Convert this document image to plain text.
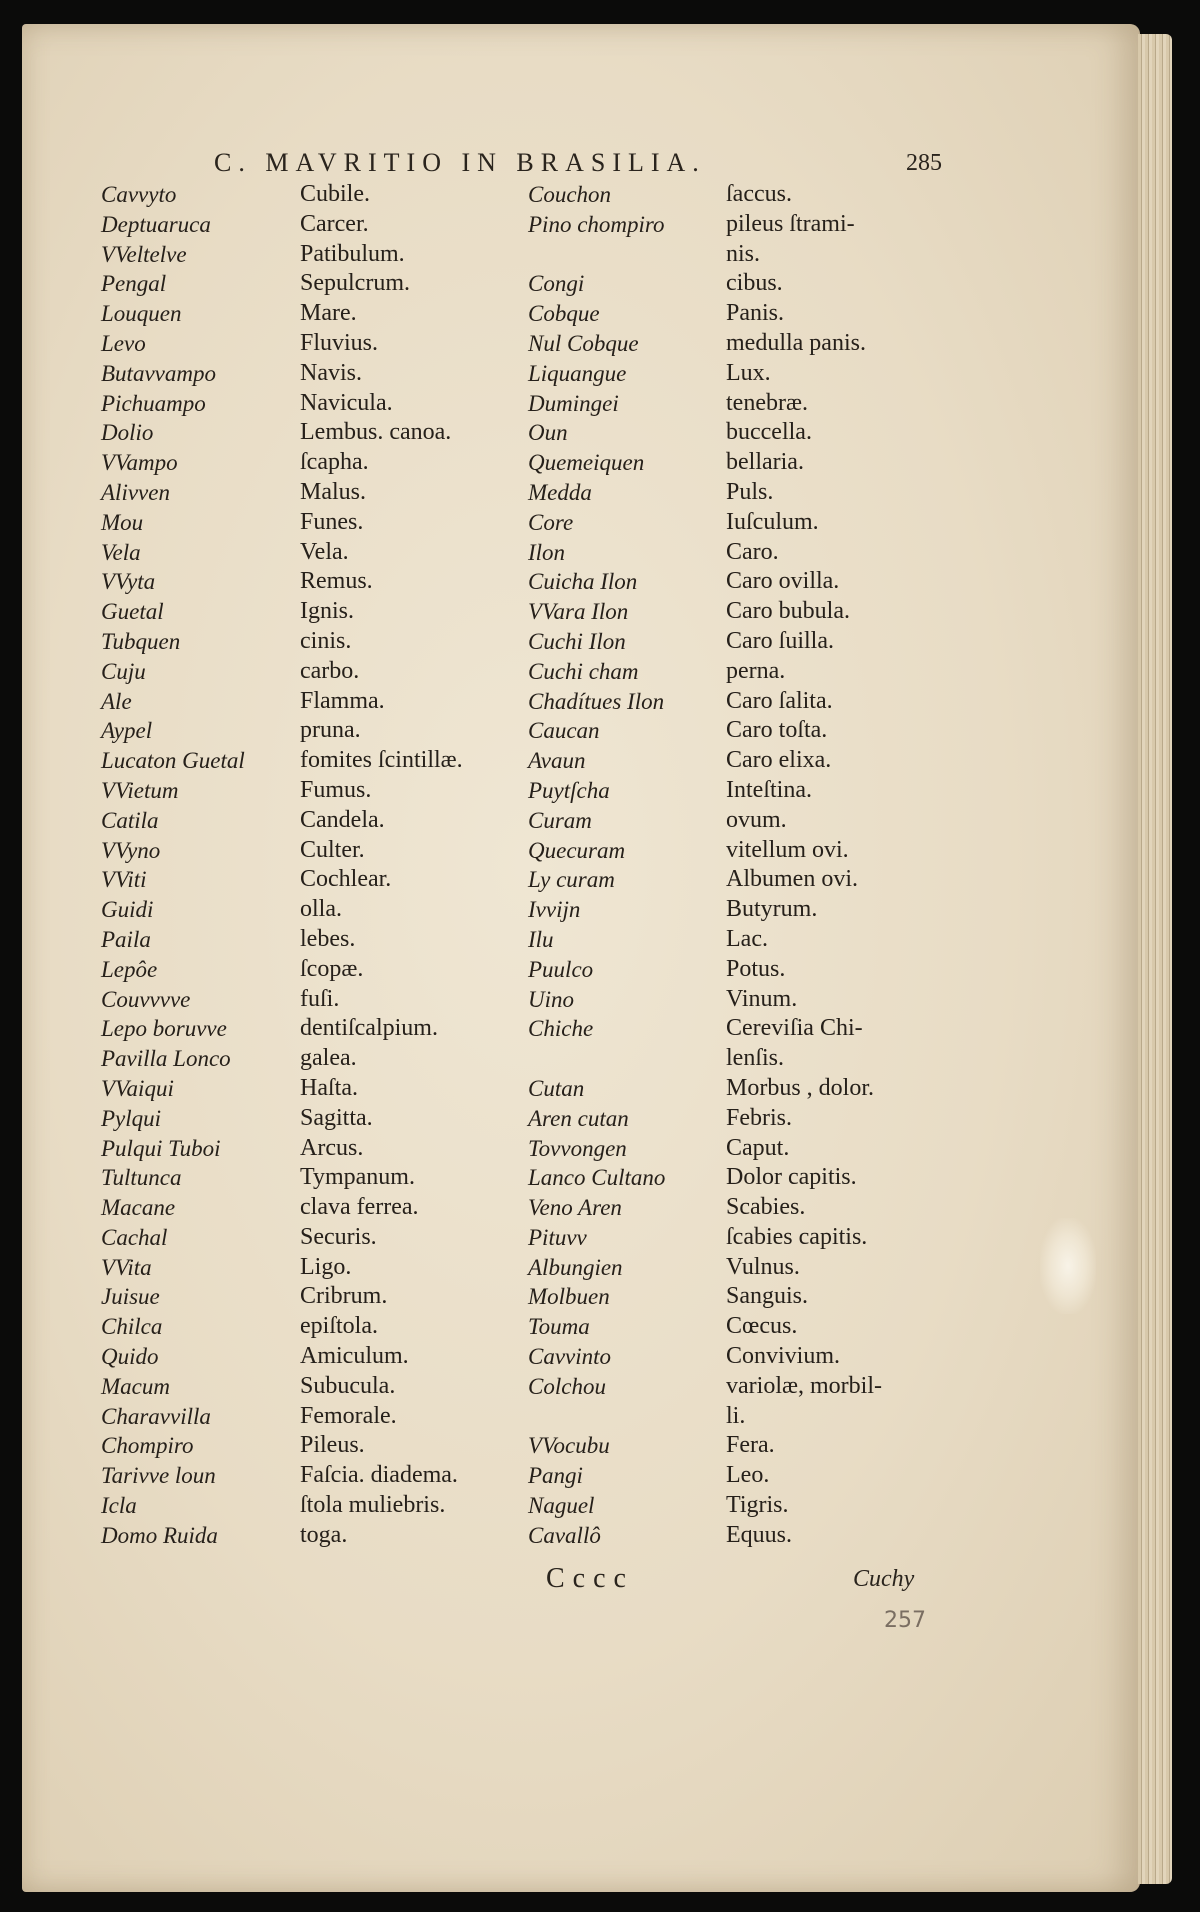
C. MAVRITIO IN BRASILIA.	285
Cavvyto
Deptuaruca
VVeltelve
Pengal
Louquen
Levo
Butavvampo
Pichuampo
Dolio
VVampo
Alivven
Mou
Vela
VVyta
Guetal
Tubquen
Cuju
Ale
Aypel
Lucaton Guetal
VVietum
Catila
VVyno
VViti
Guidi
Paila
Lepôe
Couvvvve
Lepo boruvve
Pavilla Lonco
VVaiqui
Pylqui
Pulqui Tuboi
Tultunca
Macane
Cachal
VVita
Juisue
Chilca
Quido
Macum
Charavvilla
Chompiro
Tarivve loun
Icla
Domo Ruida
Cubile.
Carcer.
Patibulum.
Sepulcrum.
Mare.
Fluvius.
Navis.
Navicula.
Lembus. canoa.
ſcapha.
Malus.
Funes.
Vela.
Remus.
Ignis.
cinis.
carbo.
Flamma.
pruna.
fomites ſcintillæ.
Fumus.
Candela.
Culter.
Cochlear.
olla.
lebes.
ſcopæ.
fuſi.
dentiſcalpium.
galea.
Haſta.
Sagitta.
Arcus.
Tympanum.
clava ferrea.
Securis.
Ligo.
Cribrum.
epiſtola.
Amiculum.
Subucula.
Femorale.
Pileus.
Faſcia. diadema.
ſtola muliebris.
toga.
Couchon
Pino chompiro
Congi
Cobque
Nul Cobque
Liquangue
Dumingei
Oun
Quemeiquen
Medda
Core
Ilon
Cuicha Ilon
VVara Ilon
Cuchi Ilon
Cuchi cham
Chadítues Ilon
Caucan
Avaun
Puytſcha
Curam
Quecuram
Ly curam
Ivvijn
Ilu
Puulco
Uino
Chiche
Cutan
Aren cutan
Tovvongen
Lanco Cultano
Veno Aren
Pituvv
Albungien
Molbuen
Touma
Cavvinto
Colchou
VVocubu
Pangi
Naguel
Cavallô
ſaccus.
pileus ſtrami-
nis.
cibus.
Panis.
medulla panis.
Lux.
tenebræ.
buccella.
bellaria.
Puls.
Iuſculum.
Caro.
Caro ovilla.
Caro bubula.
Caro ſuilla.
perna.
Caro ſalita.
Caro toſta.
Caro elixa.
Inteſtina.
ovum.
vitellum ovi.
Albumen ovi.
Butyrum.
Lac.
Potus.
Vinum.
Cereviſia Chi-
lenſis.
Morbus , dolor.
Febris.
Caput.
Dolor capitis.
Scabies.
ſcabies capitis.
Vulnus.
Sanguis.
Cœcus.
Convivium.
variolæ, morbil-
li.
Fera.
Leo.
Tigris.
Equus.
Cccc	Cuchy
257
